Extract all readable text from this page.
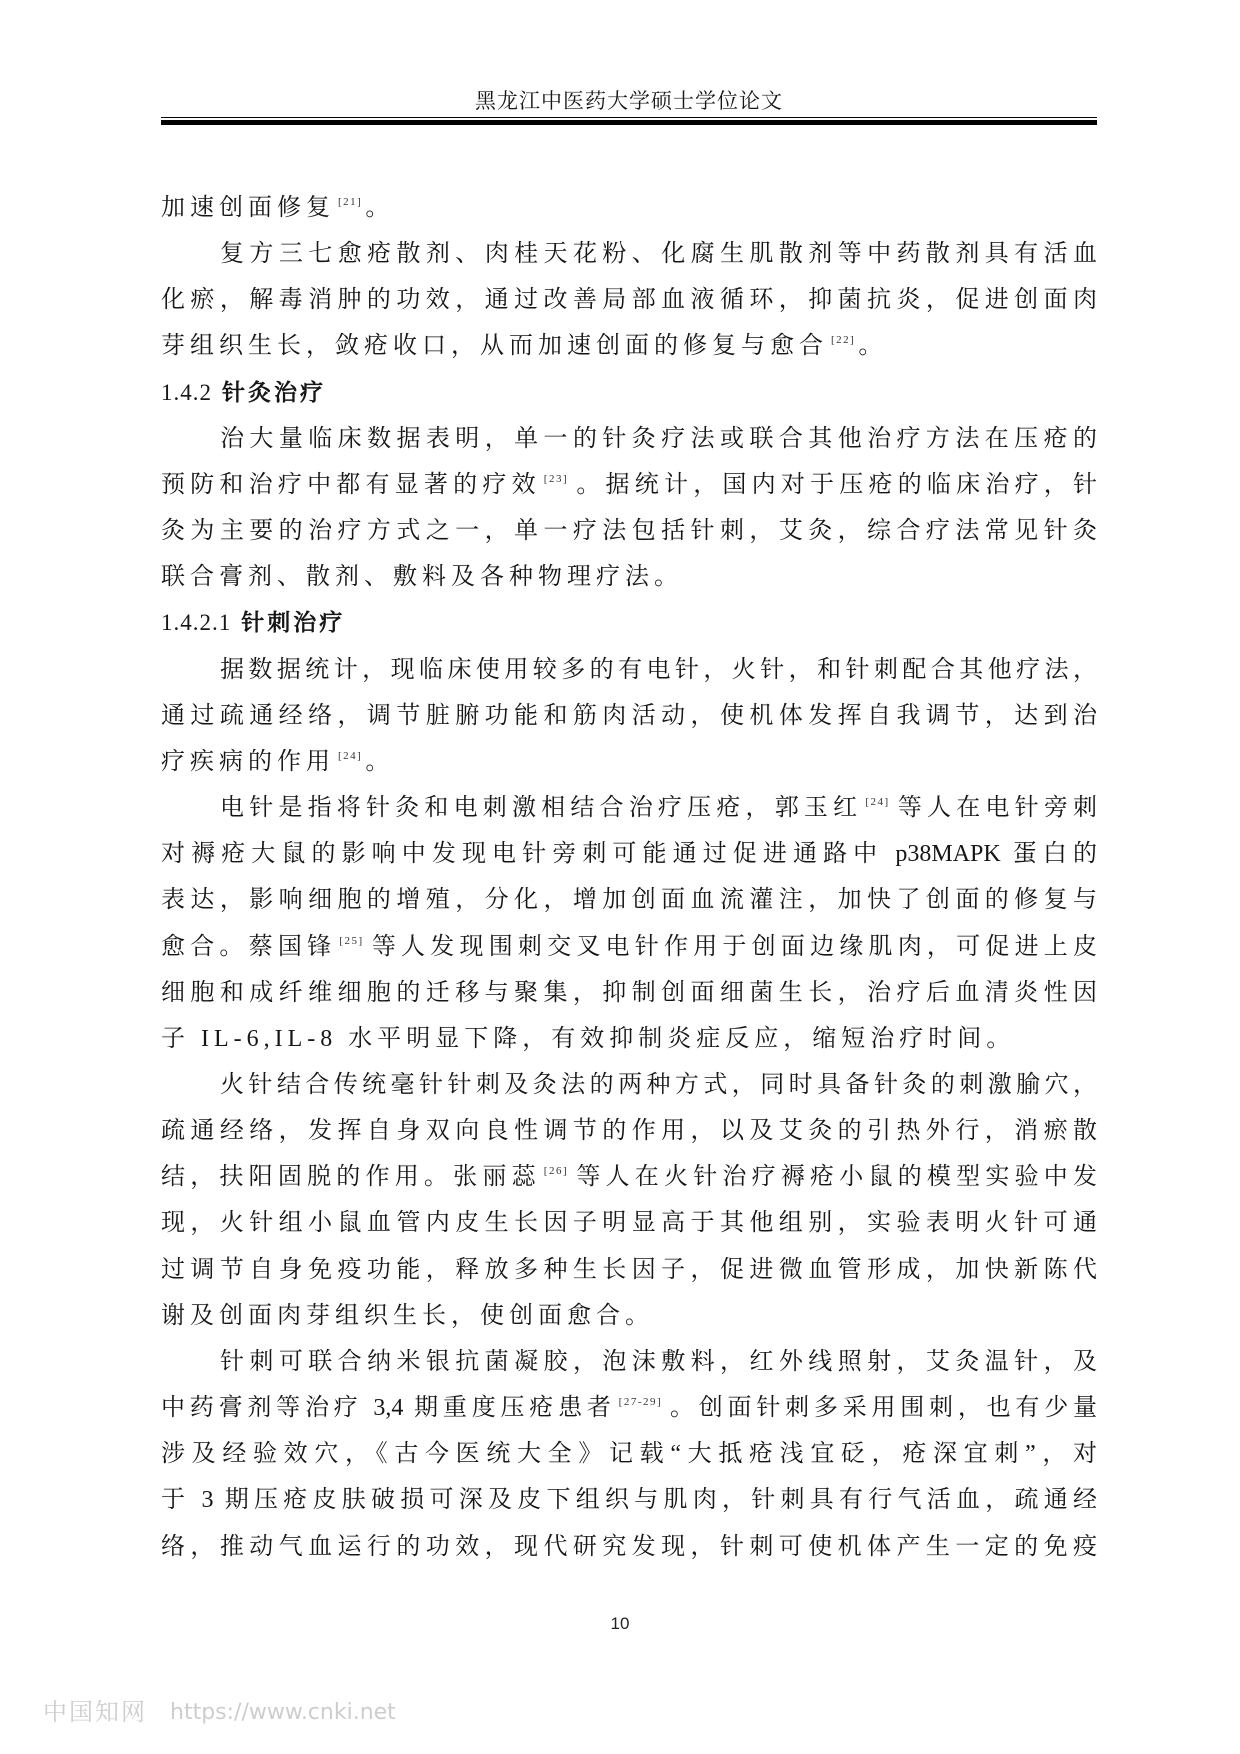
黑龙江中医药大学硕士学位论文
加速创面修复 [21] 。
复方三七愈疮散剂、肉桂天花粉、化腐生肌散剂等中药散剂具有活血
化瘀，解毒消肿的功效，通过改善局部血液循环，抑菌抗炎，促进创面肉
芽组织生长，敛疮收口，从而加速创面的修复与愈合 [22] 。
1.4.2 针灸治疗
治大量临床数据表明，单一的针灸疗法或联合其他治疗方法在压疮的
预防和治疗中都有显著的疗效 [23] 。据统计，国内对于压疮的临床治疗，针
灸为主要的治疗方式之一，单一疗法包括针刺，艾灸，综合疗法常见针灸
联合膏剂、散剂、敷料及各种物理疗法。
1.4.2.1 针刺治疗
据数据统计，现临床使用较多的有电针，火针，和针刺配合其他疗法，
通过疏通经络，调节脏腑功能和筋肉活动，使机体发挥自我调节，达到治
疗疾病的作用 [24] 。
电针是指将针灸和电刺激相结合治疗压疮，郭玉红 [24] 等人在电针旁刺
对褥疮大鼠的影响中发现电针旁刺可能通过促进通路中 p38MAPK 蛋白的
表达，影响细胞的增殖，分化，增加创面血流灌注，加快了创面的修复与
愈合。蔡国锋 [25] 等人发现围刺交叉电针作用于创面边缘肌肉，可促进上皮
细胞和成纤维细胞的迁移与聚集，抑制创面细菌生长，治疗后血清炎性因
子 IL-6,IL-8 水平明显下降，有效抑制炎症反应，缩短治疗时间。
火针结合传统毫针针刺及灸法的两种方式，同时具备针灸的刺激腧穴，
疏通经络，发挥自身双向良性调节的作用，以及艾灸的引热外行，消瘀散
结，扶阳固脱的作用。张丽蕊 [26] 等人在火针治疗褥疮小鼠的模型实验中发
现，火针组小鼠血管内皮生长因子明显高于其他组别，实验表明火针可通
过调节自身免疫功能，释放多种生长因子，促进微血管形成，加快新陈代
谢及创面肉芽组织生长，使创面愈合。
针刺可联合纳米银抗菌凝胶，泡沫敷料，红外线照射，艾灸温针，及
中药膏剂等治疗 3,4 期重度压疮患者 [27-29] 。创面针刺多采用围刺，也有少量
涉及经验效穴，《古今医统大全》记载“大抵疮浅宜砭，疮深宜刺”，对
于 3 期压疮皮肤破损可深及皮下组织与肌肉，针刺具有行气活血，疏通经
络，推动气血运行的功效，现代研究发现，针刺可使机体产生一定的免疫
10
中国知网 https://www.cnki.net
